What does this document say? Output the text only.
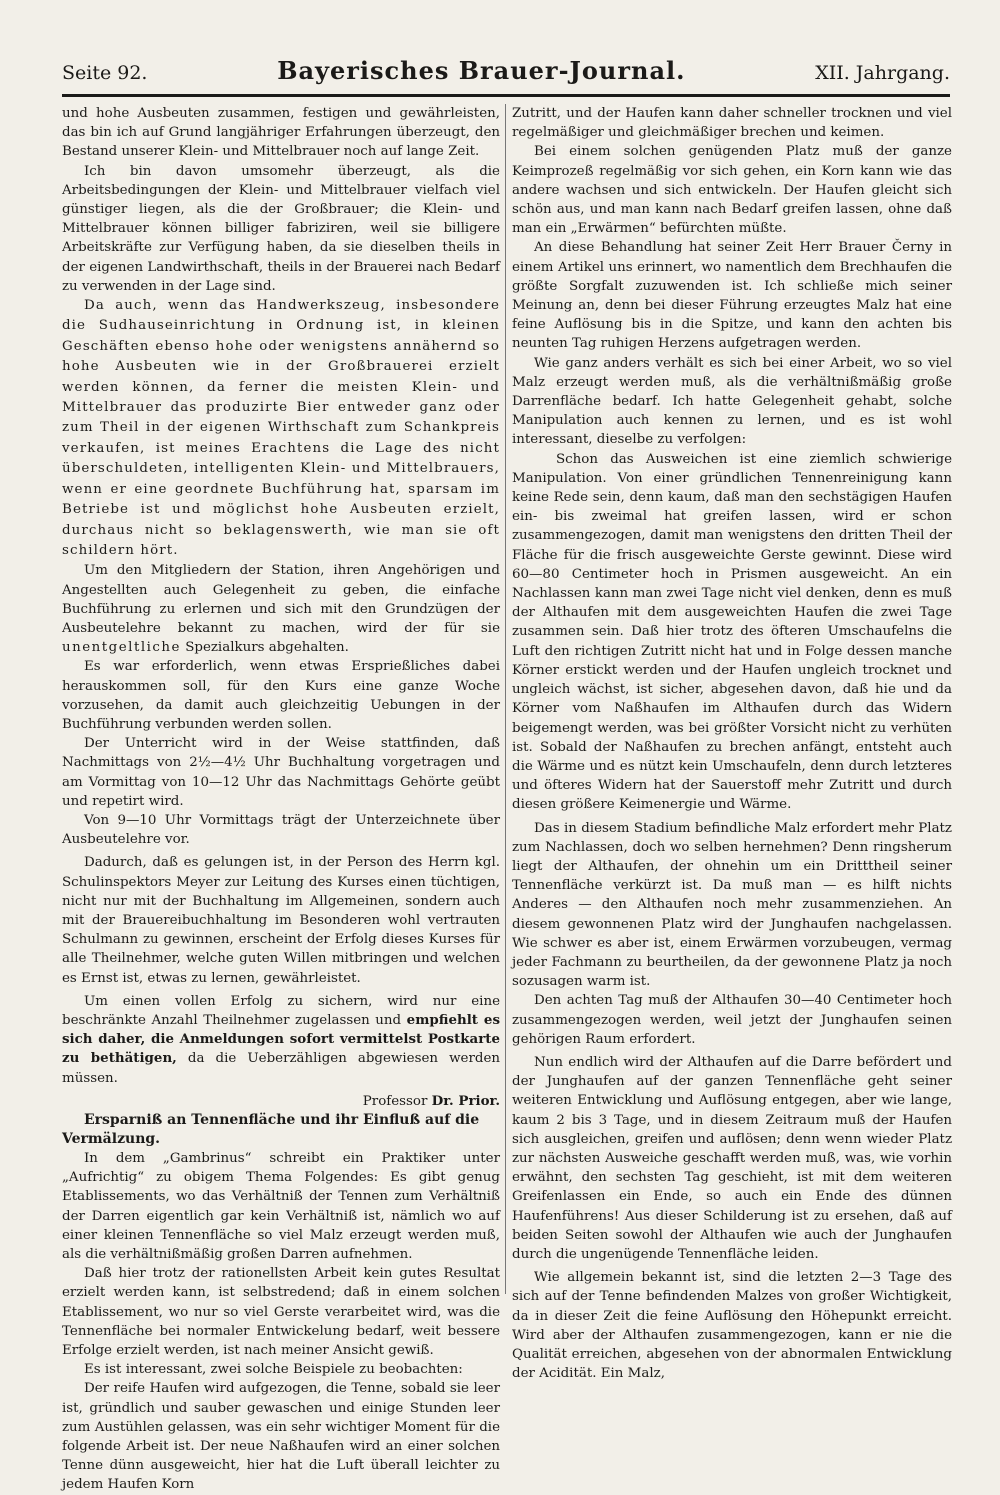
Seite 92.	Bayerisches Brauer-Journal.	XII. Jahrgang.

und hohe Ausbeuten zusammen, festigen und gewährleisten, das bin ich auf Grund langjähriger Erfahrungen überzeugt, den Bestand unserer Klein- und Mittelbrauer noch auf lange Zeit.

Ich bin davon umsomehr überzeugt, als die Arbeitsbedingungen der Klein- und Mittelbrauer vielfach viel günstiger liegen, als die der Großbrauer; die Klein- und Mittelbrauer können billiger fabriziren, weil sie billigere Arbeitskräfte zur Verfügung haben, da sie dieselben theils in der eigenen Landwirthschaft, theils in der Brauerei nach Bedarf zu verwenden in der Lage sind.

Da auch, wenn das Handwerkszeug, insbesondere die Sudhauseinrichtung in Ordnung ist, in kleinen Geschäften ebenso hohe oder wenigstens annähernd so hohe Ausbeuten wie in der Großbrauerei erzielt werden können, da ferner die meisten Klein- und Mittelbrauer das produzirte Bier entweder ganz oder zum Theil in der eigenen Wirthschaft zum Schankpreis verkaufen, ist meines Erachtens die Lage des nicht überschuldeten, intelligenten Klein- und Mittelbrauers, wenn er eine geordnete Buchführung hat, sparsam im Betriebe ist und möglichst hohe Ausbeuten erzielt, durchaus nicht so beklagenswerth, wie man sie oft schildern hört.

Um den Mitgliedern der Station, ihren Angehörigen und Angestellten auch Gelegenheit zu geben, die einfache Buchführung zu erlernen und sich mit den Grundzügen der Ausbeutelehre bekannt zu machen, wird der für sie unentgeltliche Spezialkurs abgehalten.

Es war erforderlich, wenn etwas Ersprießliches dabei herauskommen soll, für den Kurs eine ganze Woche vorzusehen, da damit auch gleichzeitig Uebungen in der Buchführung verbunden werden sollen.

Der Unterricht wird in der Weise stattfinden, daß Nachmittags von 2½—4½ Uhr Buchhaltung vorgetragen und am Vormittag von 10—12 Uhr das Nachmittags Gehörte geübt und repetirt wird.

Von 9—10 Uhr Vormittags trägt der Unterzeichnete über Ausbeutelehre vor.

Dadurch, daß es gelungen ist, in der Person des Herrn kgl. Schulinspektors Meyer zur Leitung des Kurses einen tüchtigen, nicht nur mit der Buchhaltung im Allgemeinen, sondern auch mit der Brauereibuchhaltung im Besonderen wohl vertrauten Schulmann zu gewinnen, erscheint der Erfolg dieses Kurses für alle Theilnehmer, welche guten Willen mitbringen und welchen es Ernst ist, etwas zu lernen, gewährleistet.

Um einen vollen Erfolg zu sichern, wird nur eine beschränkte Anzahl Theilnehmer zugelassen und empfiehlt es sich daher, die Anmeldungen sofort vermittelst Postkarte zu bethätigen, da die Ueberzähligen abgewiesen werden müssen.

Professor Dr. Prior.

Ersparniß an Tennenfläche und ihr Einfluß auf die Vermälzung.

In dem „Gambrinus“ schreibt ein Praktiker unter „Aufrichtig“ zu obigem Thema Folgendes: Es gibt genug Etablissements, wo das Verhältniß der Tennen zum Verhältniß der Darren eigentlich gar kein Verhältniß ist, nämlich wo auf einer kleinen Tennenfläche so viel Malz erzeugt werden muß, als die verhältnißmäßig großen Darren aufnehmen.

Daß hier trotz der rationellsten Arbeit kein gutes Resultat erzielt werden kann, ist selbstredend; daß in einem solchen Etablissement, wo nur so viel Gerste verarbeitet wird, was die Tennenfläche bei normaler Entwickelung bedarf, weit bessere Erfolge erzielt werden, ist nach meiner Ansicht gewiß.

Es ist interessant, zwei solche Beispiele zu beobachten:

Der reife Haufen wird aufgezogen, die Tenne, sobald sie leer ist, gründlich und sauber gewaschen und einige Stunden leer zum Austühlen gelassen, was ein sehr wichtiger Moment für die folgende Arbeit ist. Der neue Naßhaufen wird an einer solchen Tenne dünn ausgeweicht, hier hat die Luft überall leichter zu jedem Haufen Korn

Zutritt, und der Haufen kann daher schneller trocknen und viel regelmäßiger und gleichmäßiger brechen und keimen.

Bei einem solchen genügenden Platz muß der ganze Keimprozeß regelmäßig vor sich gehen, ein Korn kann wie das andere wachsen und sich entwickeln. Der Haufen gleicht sich schön aus, und man kann nach Bedarf greifen lassen, ohne daß man ein „Erwärmen“ befürchten müßte.

An diese Behandlung hat seiner Zeit Herr Brauer Černy in einem Artikel uns erinnert, wo namentlich dem Brechhaufen die größte Sorgfalt zuzuwenden ist. Ich schließe mich seiner Meinung an, denn bei dieser Führung erzeugtes Malz hat eine feine Auflösung bis in die Spitze, und kann den achten bis neunten Tag ruhigen Herzens aufgetragen werden.

Wie ganz anders verhält es sich bei einer Arbeit, wo so viel Malz erzeugt werden muß, als die verhältnißmäßig große Darrenfläche bedarf. Ich hatte Gelegenheit gehabt, solche Manipulation auch kennen zu lernen, und es ist wohl interessant, dieselbe zu verfolgen:

Schon das Ausweichen ist eine ziemlich schwierige Manipulation. Von einer gründlichen Tennenreinigung kann keine Rede sein, denn kaum, daß man den sechstägigen Haufen ein- bis zweimal hat greifen lassen, wird er schon zusammengezogen, damit man wenigstens den dritten Theil der Fläche für die frisch ausgeweichte Gerste gewinnt. Diese wird 60—80 Centimeter hoch in Prismen ausgeweicht. An ein Nachlassen kann man zwei Tage nicht viel denken, denn es muß der Althaufen mit dem ausgeweichten Haufen die zwei Tage zusammen sein. Daß hier trotz des öfteren Umschaufelns die Luft den richtigen Zutritt nicht hat und in Folge dessen manche Körner erstickt werden und der Haufen ungleich trocknet und ungleich wächst, ist sicher, abgesehen davon, daß hie und da Körner vom Naßhaufen im Althaufen durch das Widern beigemengt werden, was bei größter Vorsicht nicht zu verhüten ist. Sobald der Naßhaufen zu brechen anfängt, entsteht auch die Wärme und es nützt kein Umschaufeln, denn durch letzteres und öfteres Widern hat der Sauerstoff mehr Zutritt und durch diesen größere Keimenergie und Wärme.

Das in diesem Stadium befindliche Malz erfordert mehr Platz zum Nachlassen, doch wo selben hernehmen? Denn ringsherum liegt der Althaufen, der ohnehin um ein Dritttheil seiner Tennenfläche verkürzt ist. Da muß man — es hilft nichts Anderes — den Althaufen noch mehr zusammenziehen. An diesem gewonnenen Platz wird der Junghaufen nachgelassen. Wie schwer es aber ist, einem Erwärmen vorzubeugen, vermag jeder Fachmann zu beurtheilen, da der gewonnene Platz ja noch sozusagen warm ist.

Den achten Tag muß der Althaufen 30—40 Centimeter hoch zusammengezogen werden, weil jetzt der Junghaufen seinen gehörigen Raum erfordert.

Nun endlich wird der Althaufen auf die Darre befördert und der Junghaufen auf der ganzen Tennenfläche geht seiner weiteren Entwicklung und Auflösung entgegen, aber wie lange, kaum 2 bis 3 Tage, und in diesem Zeitraum muß der Haufen sich ausgleichen, greifen und auflösen; denn wenn wieder Platz zur nächsten Ausweiche geschafft werden muß, was, wie vorhin erwähnt, den sechsten Tag geschieht, ist mit dem weiteren Greifenlassen ein Ende, so auch ein Ende des dünnen Haufenführens! Aus dieser Schilderung ist zu ersehen, daß auf beiden Seiten sowohl der Althaufen wie auch der Junghaufen durch die ungenügende Tennenfläche leiden.

Wie allgemein bekannt ist, sind die letzten 2—3 Tage des sich auf der Tenne befindenden Malzes von großer Wichtigkeit, da in dieser Zeit die feine Auflösung den Höhepunkt erreicht. Wird aber der Althaufen zusammengezogen, kann er nie die Qualität erreichen, abgesehen von der abnormalen Entwicklung der Acidität. Ein Malz,
